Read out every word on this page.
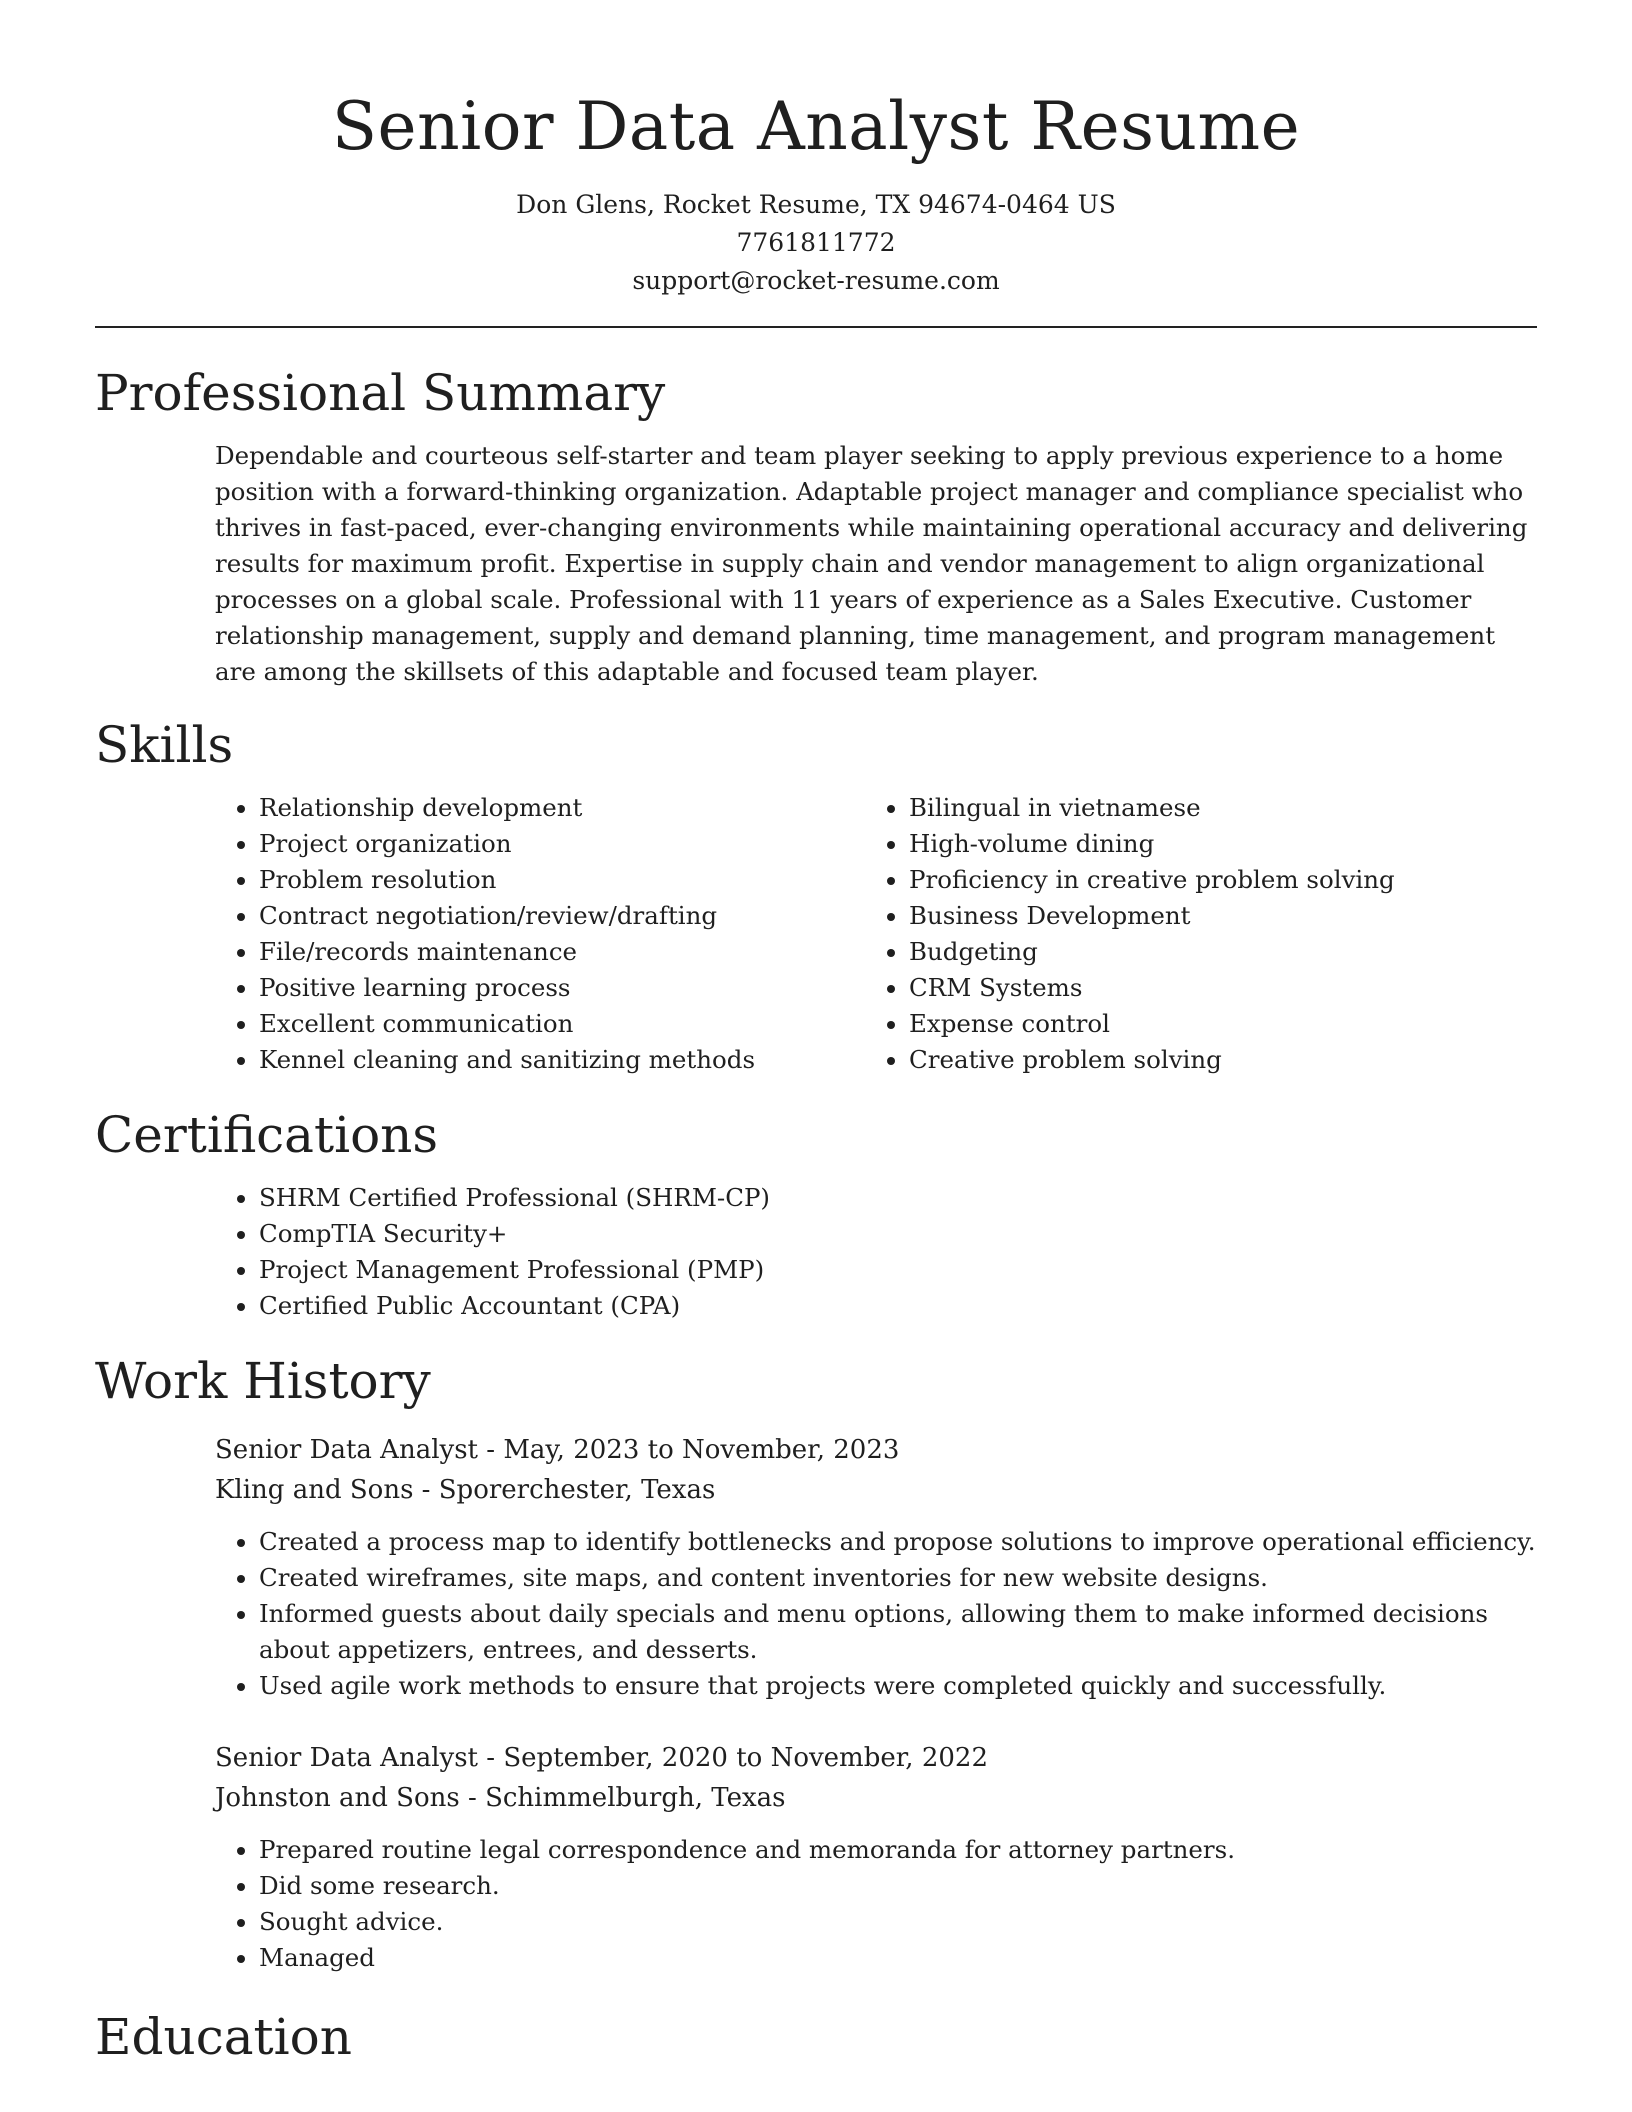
Senior Data Analyst Resume
Don Glens, Rocket Resume, TX 94674-0464 US
7761811772
support@rocket-resume.com
Professional Summary

Dependable and courteous self-starter and team player seeking to apply previous experience to a home position with a forward-thinking organization. Adaptable project manager and compliance specialist who thrives in fast-paced, ever-changing environments while maintaining operational accuracy and delivering results for maximum profit. Expertise in supply chain and vendor management to align organizational processes on a global scale. Professional with 11 years of experience as a Sales Executive. Customer relationship management, supply and demand planning, time management, and program management are among the skillsets of this adaptable and focused team player.

Skills
• Relationship development
• Project organization
• Problem resolution
• Contract negotiation/review/drafting
• File/records maintenance
• Positive learning process
• Excellent communication
• Kennel cleaning and sanitizing methods
• Bilingual in vietnamese
• High-volume dining
• Proficiency in creative problem solving
• Business Development
• Budgeting
• CRM Systems
• Expense control
• Creative problem solving
Certifications
• SHRM Certified Professional (SHRM-CP)
• CompTIA Security+
• Project Management Professional (PMP)
• Certified Public Accountant (CPA)
Work History
Senior Data Analyst - May, 2023 to November, 2023
Kling and Sons - Sporerchester, Texas
• Created a process map to identify bottlenecks and propose solutions to improve operational efficiency.
• Created wireframes, site maps, and content inventories for new website designs.
• Informed guests about daily specials and menu options, allowing them to make informed decisions about appetizers, entrees, and desserts.
• Used agile work methods to ensure that projects were completed quickly and successfully.
Senior Data Analyst - September, 2020 to November, 2022
Johnston and Sons - Schimmelburgh, Texas
• Prepared routine legal correspondence and memoranda for attorney partners.
• Did some research.
• Sought advice.
• Managed
Education
